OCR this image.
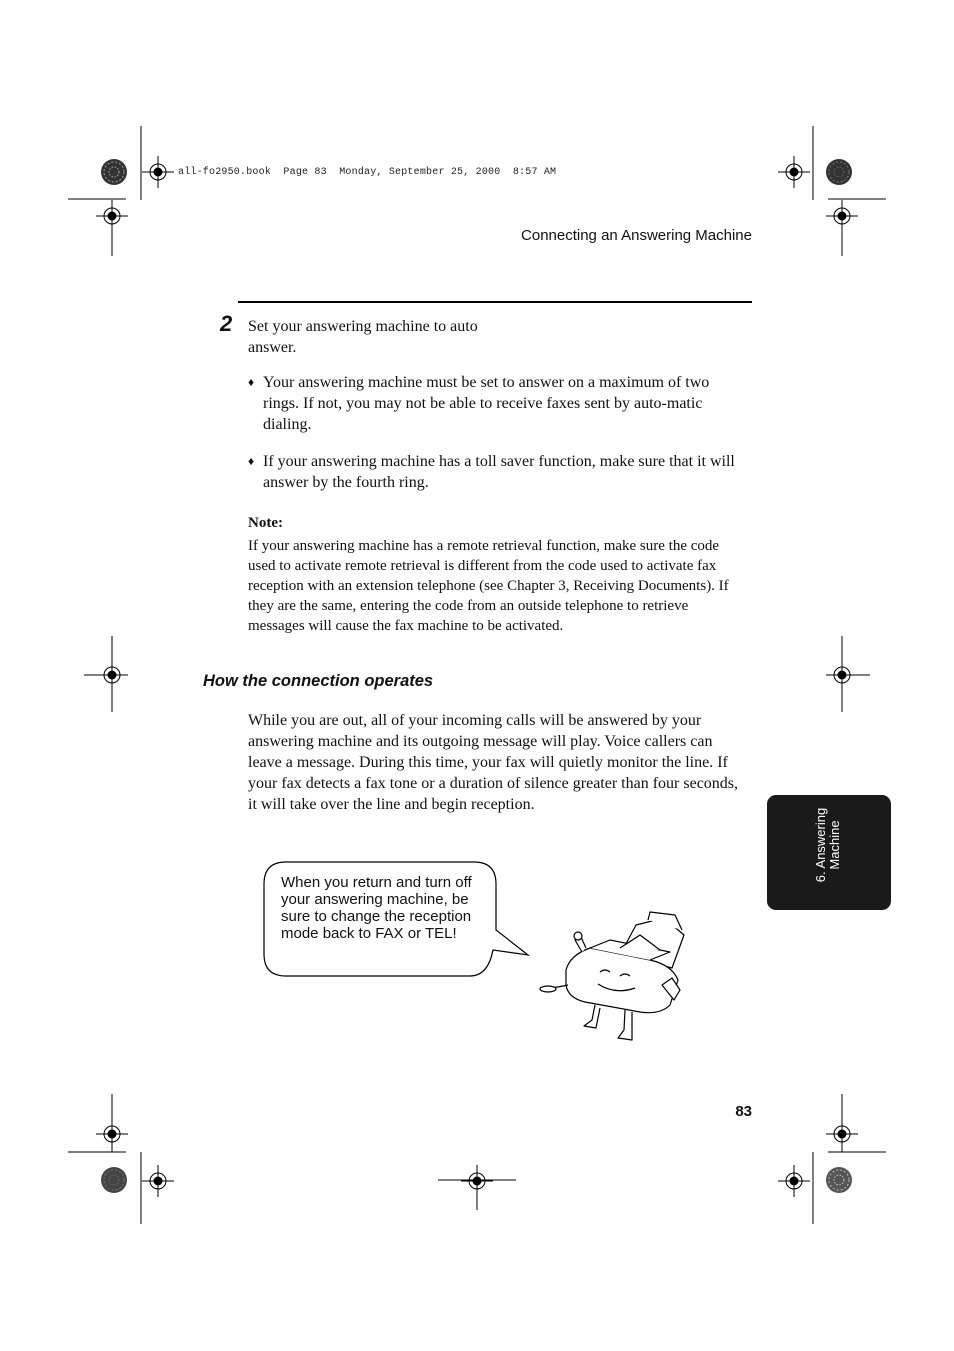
all-fo2950.book  Page 83  Monday, September 25, 2000  8:57 AM
Connecting an Answering Machine
2 Set your answering machine to auto answer.
♦ Your answering machine must be set to answer on a maximum of two rings. If not, you may not be able to receive faxes sent by auto-matic dialing.
♦ If your answering machine has a toll saver function, make sure that it will answer by the fourth ring.
Note:
If your answering machine has a remote retrieval function, make sure the code used to activate remote retrieval is different from the code used to activate fax reception with an extension telephone (see Chapter 3, Receiving Documents). If they are the same, entering the code from an outside telephone to retrieve messages will cause the fax machine to be activated.
How the connection operates
While you are out, all of your incoming calls will be answered by your answering machine and its outgoing message will play. Voice callers can leave a message. During this time, your fax will quietly monitor the line. If your fax detects a fax tone or a duration of silence greater than four seconds, it will take over the line and begin reception.
When you return and turn off your answering machine, be sure to change the reception mode back to FAX or TEL!
6. Answering Machine
83
